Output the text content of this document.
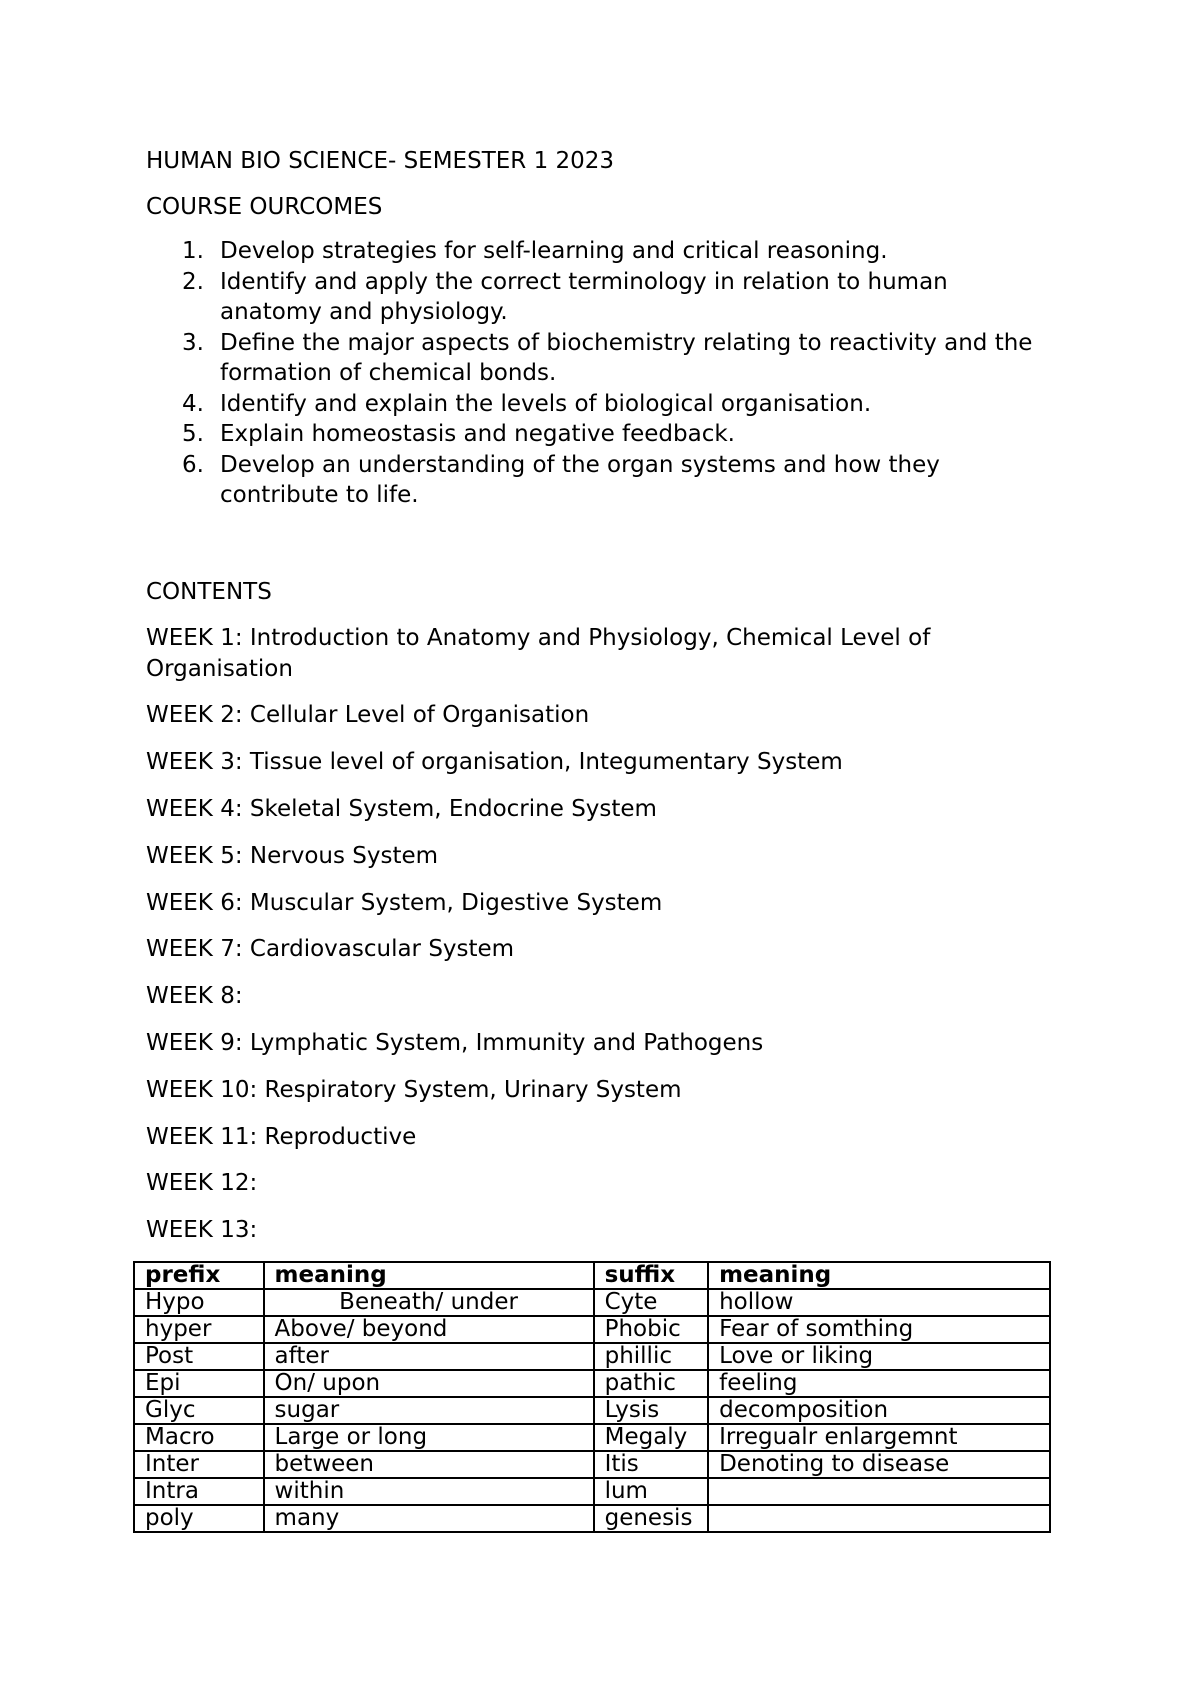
HUMAN BIO SCIENCE- SEMESTER 1 2023
COURSE OURCOMES
1. Develop strategies for self-learning and critical reasoning.
2. Identify and apply the correct terminology in relation to human anatomy and physiology.
3. Define the major aspects of biochemistry relating to reactivity and the formation of chemical bonds.
4. Identify and explain the levels of biological organisation.
5. Explain homeostasis and negative feedback.
6. Develop an understanding of the organ systems and how they contribute to life.
CONTENTS
WEEK 1: Introduction to Anatomy and Physiology, Chemical Level of Organisation
WEEK 2: Cellular Level of Organisation
WEEK 3: Tissue level of organisation, Integumentary System
WEEK 4: Skeletal System, Endocrine System
WEEK 5: Nervous System
WEEK 6: Muscular System, Digestive System
WEEK 7: Cardiovascular System
WEEK 8:
WEEK 9: Lymphatic System, Immunity and Pathogens
WEEK 10: Respiratory System, Urinary System
WEEK 11: Reproductive
WEEK 12:
WEEK 13:
prefix	meaning	suffix	meaning
Hypo	Beneath/ under	Cyte	hollow
hyper	Above/ beyond	Phobic	Fear of somthing
Post	after	phillic	Love or liking
Epi	On/ upon	pathic	feeling
Glyc	sugar	Lysis	decomposition
Macro	Large or long	Megaly	Irregualr enlargemnt
Inter	between	Itis	Denoting to disease
Intra	within	lum	
poly	many	genesis	
